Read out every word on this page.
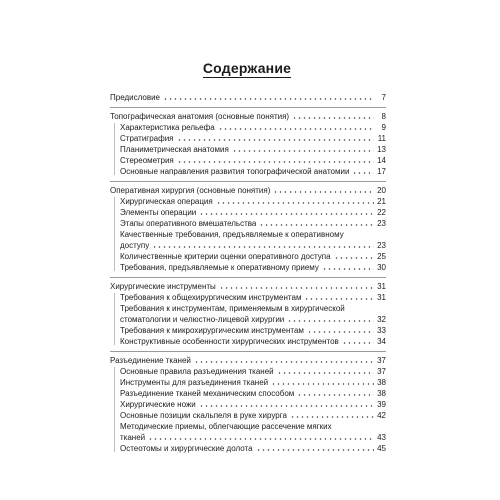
Содержание
Предисловие	7
Топографическая анатомия (основные понятия)	8
Характеристика рельефа	9
Стратиграфия	11
Планиметрическая анатомия	13
Стереометрия	14
Основные направления развития топографической анатомии	17
Оперативная хирургия (основные понятия)	20
Хирургическая операция	21
Элементы операции	22
Этапы оперативного вмешательства	23
Качественные требования, предъявляемые к оперативному
доступу	23
Количественные критерии оценки оперативного доступа	25
Требования, предъявляемые к оперативному приему	30
Хирургические инструменты	31
Требования к общехирургическим инструментам	31
Требования к инструментам, применяемым в хирургической
стоматологии и челюстно-лицевой хирургии	32
Требования к микрохирургическим инструментам	33
Конструктивные особенности хирургических инструментов	34
Разъединение тканей	37
Основные правила разъединения тканей	37
Инструменты для разъединения тканей	38
Разъединение тканей механическим способом	38
Хирургические ножи	39
Основные позиции скальпеля в руке хирурга	42
Методические приемы, облегчающие рассечение мягких
тканей	43
Остеотомы и хирургические долота	45
